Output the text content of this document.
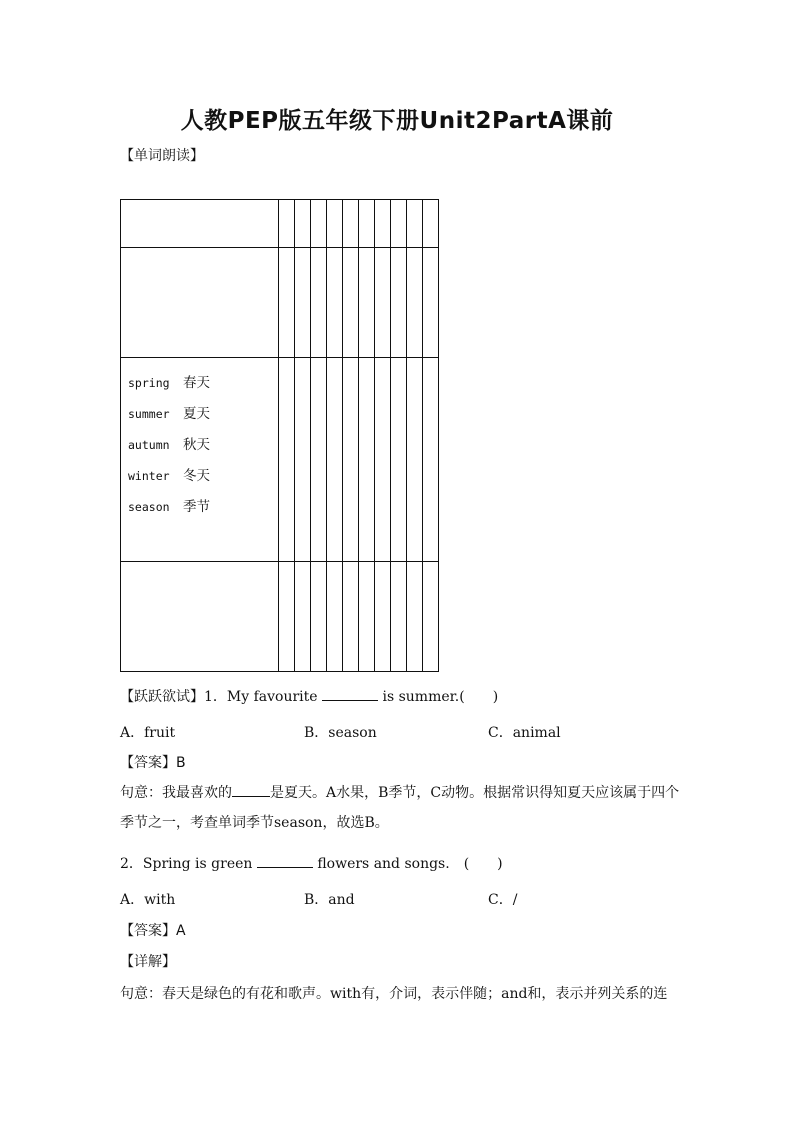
人教PEP版五年级下册Unit2PartA课前
【单词朗读】

spring 春天
summer 夏天
autumn 秋天
winter 冬天
season 季节										

【跃跃欲试】1．My favourite	is summer.(　　)
A．fruit	B．season	C．animal
【答案】B
句意：我最喜欢的	是夏天。A水果，B季节，C动物。根据常识得知夏天应该属于四个季节之一，考查单词季节season，故选B。
2．Spring is green	flowers and songs.　(　　)
A．with	B．and	C．/
【答案】A
【详解】
句意：春天是绿色的有花和歌声。with有，介词，表示伴随；and和，表示并列关系的连
